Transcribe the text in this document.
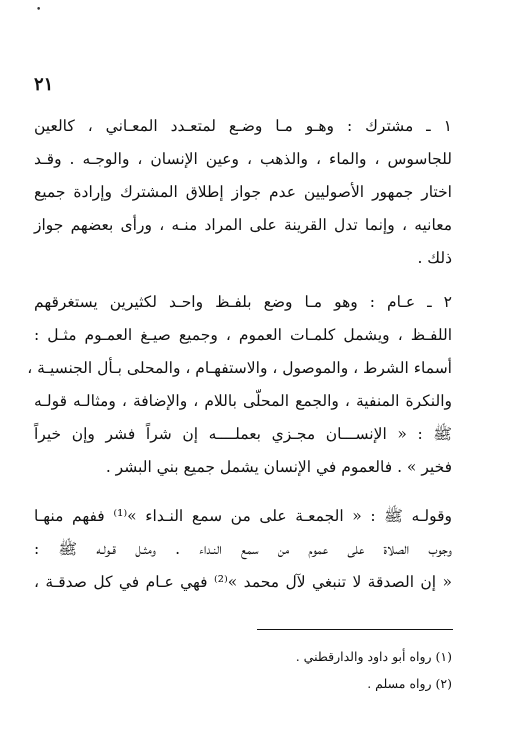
•
٢١
١ ـ مشترك : وهـو مـا وضـع لمتعـدد المعـاني ، كالعين
للجاسوس ، والماء ، والذهب ، وعين الإنسان ، والوجـه . وقـد
اختار جمهور الأصوليين عدم جواز إطلاق المشترك وإرادة جميع
معانيه ، وإنما تدل القرينة على المراد منـه ، ورأى بعضهم جواز
ذلك .
٢ ـ عـام : وهو مـا وضع بلفـظ واحـد لكثيرين يستغرقهم
اللفـظ ، ويشمل كلمـات العموم ، وجميع صيـغ العمـوم مثـل :
أسماء الشرط ، والموصول ، والاستفهـام ، والمحلى بـأل الجنسيـة ،
والنكرة المنفية ، والجمع المحلّى باللام ، والإضافة ، ومثالـه قولـه
ﷺ : « الإنســـان مجـزي بعملــــه إن شراً فشر وإن خيراً
فخير » . فالعموم في الإنسان يشمل جميع بني البشر .
وقولـه ﷺ : « الجمعـة على من سمع النـداء »⁽¹⁾ ففهم منهـا
وجوب الصلاة على عموم من سمع النـداء . ومثـل قـولـه ﷺ :
« إن الصدقة لا تنبغي لآل محمد »⁽²⁾ فهي عـام في كل صدقـة ،
(١) رواه أبو داود والدارقطني .
(٢) رواه مسلم .
